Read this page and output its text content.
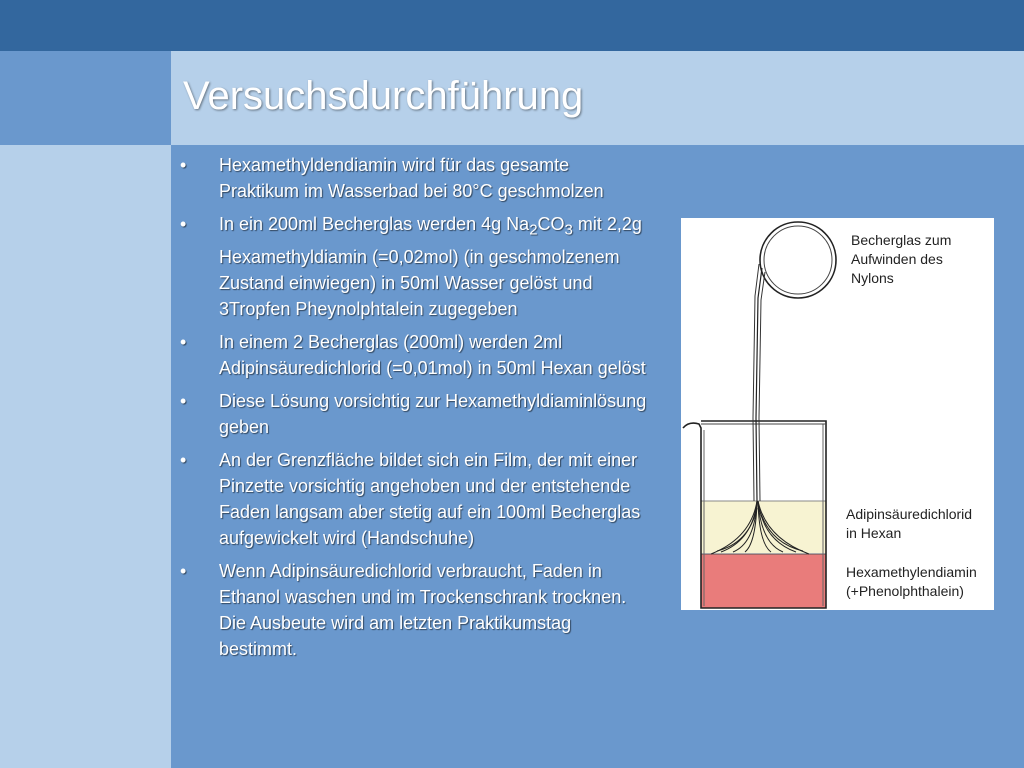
Versuchsdurchführung
• Hexamethyldendiamin wird für das gesamte Praktikum im Wasserbad bei 80°C geschmolzen
• In ein 200ml Becherglas werden 4g $Na_2CO_3$ mit 2,2g Hexamethyldiamin (=0,02mol) (in geschmolzenem Zustand einwiegen) in 50ml Wasser gelöst und 3Tropfen Pheynolphtalein zugegeben
• In einem 2 Becherglas (200ml) werden 2ml Adipinsäuredichlorid (=0,01mol) in 50ml Hexan gelöst
• Diese Lösung vorsichtig zur Hexamethyldiaminlösung geben
• An der Grenzfläche bildet sich ein Film, der mit einer Pinzette vorsichtig angehoben und der entstehende Faden langsam aber stetig auf ein 100ml Becherglas aufgewickelt wird (Handschuhe)
• Wenn Adipinsäuredichlorid verbraucht, Faden in Ethanol waschen und im Trockenschrank trocknen. Die Ausbeute wird am letzten Praktikumstag bestimmt.
Becherglas zum
Aufwinden des
Nylons
Adipinsäuredichlorid
in Hexan
Hexamethylendiamin
(+Phenolphthalein)
